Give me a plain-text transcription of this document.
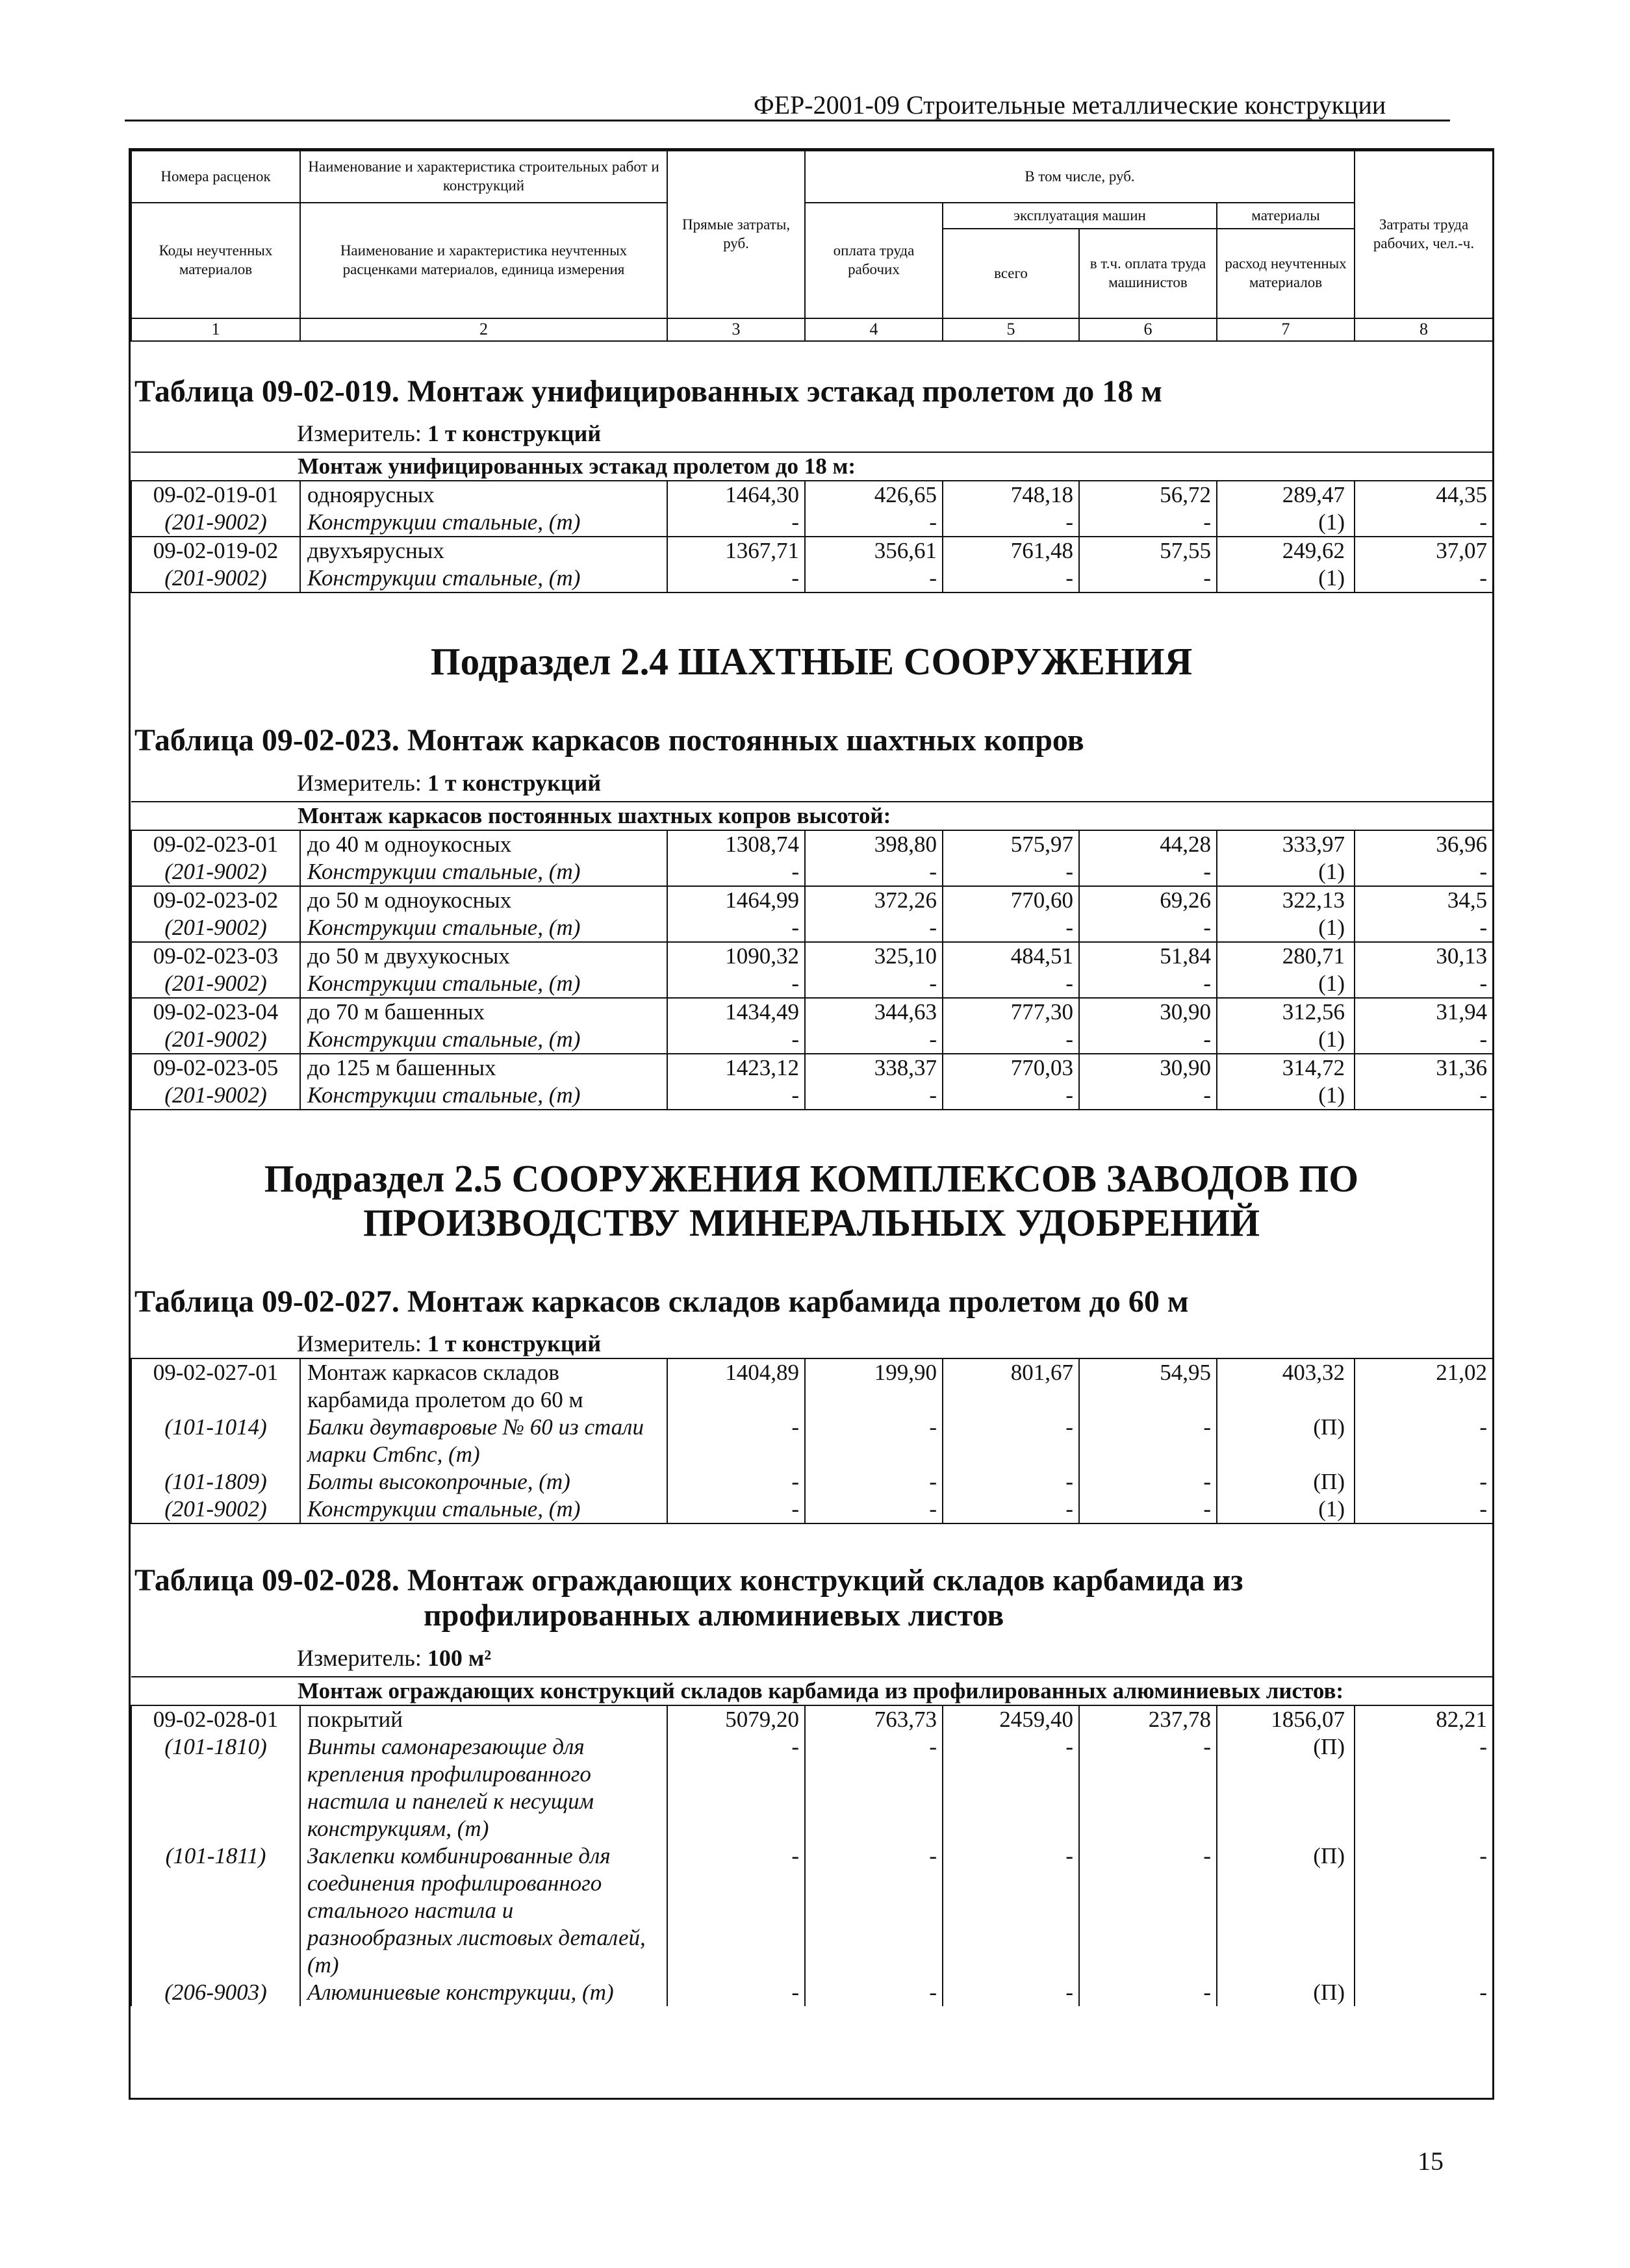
ФЕР-2001-09 Строительные металлические конструкции
Номера расценок	Наименование и характеристика строительных работ и конструкций	Прямые затраты, руб.	В том числе, руб.				Затраты труда рабочих, чел.-ч.
Коды неучтенных материалов	Наименование и характеристика неучтенных расценками материалов, единица измерения		оплата труда рабочих	эксплуатация машин		материалы	
				всего	в т.ч. оплата труда машинистов	расход неучтенных материалов	
1	2	3	4	5	6	7	8
Таблица 09-02-019. Монтаж унифицированных эстакад пролетом до 18 м
Измеритель: 1 т конструкций
Монтаж унифицированных эстакад пролетом до 18 м:							
09-02-019-01	одноярусных	1464,30	426,65	748,18	56,72	289,47	44,35
(201-9002)	Конструкции стальные, (т)	-	-	-	-	(1)	-
09-02-019-02	двухъярусных	1367,71	356,61	761,48	57,55	249,62	37,07
(201-9002)	Конструкции стальные, (т)	-	-	-	-	(1)	-
Подраздел 2.4 ШАХТНЫЕ СООРУЖЕНИЯ
Таблица 09-02-023. Монтаж каркасов постоянных шахтных копров
Измеритель: 1 т конструкций
Монтаж каркасов постоянных шахтных копров высотой:							
09-02-023-01	до 40 м одноукосных	1308,74	398,80	575,97	44,28	333,97	36,96
(201-9002)	Конструкции стальные, (т)	-	-	-	-	(1)	-
09-02-023-02	до 50 м одноукосных	1464,99	372,26	770,60	69,26	322,13	34,5
(201-9002)	Конструкции стальные, (т)	-	-	-	-	(1)	-
09-02-023-03	до 50 м двухукосных	1090,32	325,10	484,51	51,84	280,71	30,13
(201-9002)	Конструкции стальные, (т)	-	-	-	-	(1)	-
09-02-023-04	до 70 м башенных	1434,49	344,63	777,30	30,90	312,56	31,94
(201-9002)	Конструкции стальные, (т)	-	-	-	-	(1)	-
09-02-023-05	до 125 м башенных	1423,12	338,37	770,03	30,90	314,72	31,36
(201-9002)	Конструкции стальные, (т)	-	-	-	-	(1)	-
Подраздел 2.5 СООРУЖЕНИЯ КОМПЛЕКСОВ ЗАВОДОВ ПО
ПРОИЗВОДСТВУ МИНЕРАЛЬНЫХ УДОБРЕНИЙ
Таблица 09-02-027. Монтаж каркасов складов карбамида пролетом до 60 м
Измеритель: 1 т конструкций
09-02-027-01	Монтаж каркасов складов карбамида пролетом до 60 м	1404,89	199,90	801,67	54,95	403,32	21,02
(101-1014)	Балки двутавровые № 60 из стали марки Ст6пс, (т)	-	-	-	-	(П)	-
(101-1809)	Болты высокопрочные, (т)	-	-	-	-	(П)	-
(201-9002)	Конструкции стальные, (т)	-	-	-	-	(1)	-
Таблица 09-02-028. Монтаж ограждающих конструкций складов карбамида из
профилированных алюминиевых листов
Измеритель: 100 м²
Монтаж ограждающих конструкций складов карбамида из профилированных алюминиевых листов:							
09-02-028-01	покрытий	5079,20	763,73	2459,40	237,78	1856,07	82,21
(101-1810)	Винты самонарезающие для крепления профилированного настила и панелей к несущим конструкциям, (т)	-	-	-	-	(П)	-
(101-1811)	Заклепки комбинированные для соединения профилированного стального настила и разнообразных листовых деталей, (т)	-	-	-	-	(П)	-
(206-9003)	Алюминиевые конструкции, (т)	-	-	-	-	(П)	-
15
